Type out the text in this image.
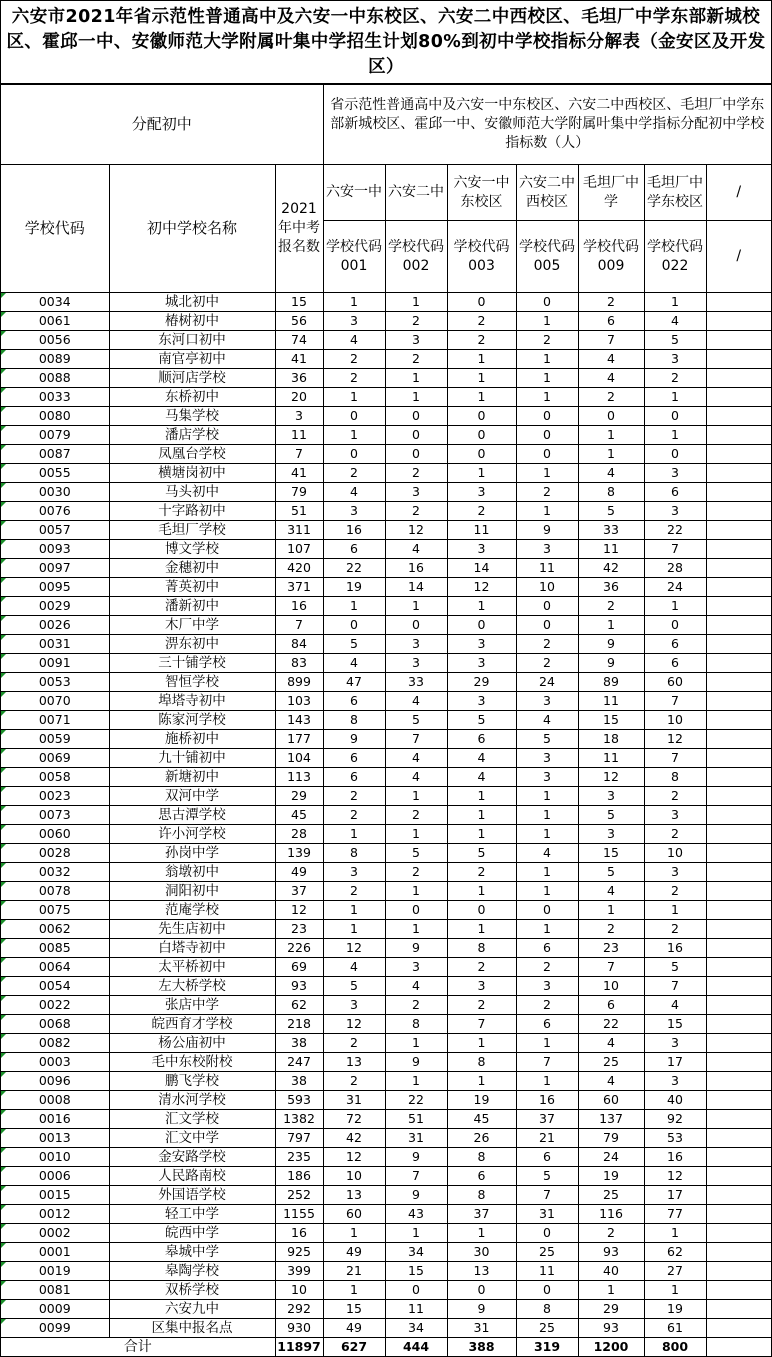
六安市2021年省示范性普通高中及六安一中东校区、六安二中西校区、毛坦厂中学东部新城校区、霍邱一中、安徽师范大学附属叶集中学招生计划80%到初中学校指标分解表（金安区及开发区）
分配初中			省示范性普通高中及六安一中东校区、六安二中西校区、毛坦厂中学东部新城校区、霍邱一中、安徽师范大学附属叶集中学指标分配初中学校指标数（人）						
学校代码	初中学校名称	2021年中考报名数	六安一中	六安二中	六安一中东校区	六安二中西校区	毛坦厂中学	毛坦厂中学东校区	/
			学校代码001	学校代码002	学校代码003	学校代码005	学校代码009	学校代码022	/

0034	城北初中	15	1	1	0	0	2	1	

0061	椿树初中	56	3	2	2	1	6	4	

0056	东河口初中	74	4	3	2	2	7	5	

0089	南官亭初中	41	2	2	1	1	4	3	

0088	顺河店学校	36	2	1	1	1	4	2	

0033	东桥初中	20	1	1	1	1	2	1	

0080	马集学校	3	0	0	0	0	0	0	

0079	潘店学校	11	1	0	0	0	1	1	

0087	凤凰台学校	7	0	0	0	0	1	0	

0055	横塘岗初中	41	2	2	1	1	4	3	

0030	马头初中	79	4	3	3	2	8	6	

0076	十字路初中	51	3	2	2	1	5	3	

0057	毛坦厂学校	311	16	12	11	9	33	22	

0093	博文学校	107	6	4	3	3	11	7	

0097	金穗初中	420	22	16	14	11	42	28	

0095	菁英初中	371	19	14	12	10	36	24	

0029	潘新初中	16	1	1	1	0	2	1	

0026	木厂中学	7	0	0	0	0	1	0	

0031	淠东初中	84	5	3	3	2	9	6	

0091	三十铺学校	83	4	3	3	2	9	6	

0053	智恒学校	899	47	33	29	24	89	60	

0070	埠塔寺初中	103	6	4	3	3	11	7	

0071	陈家河学校	143	8	5	5	4	15	10	

0059	施桥初中	177	9	7	6	5	18	12	

0069	九十铺初中	104	6	4	4	3	11	7	

0058	新塘初中	113	6	4	4	3	12	8	

0023	双河中学	29	2	1	1	1	3	2	

0073	思古潭学校	45	2	2	1	1	5	3	

0060	许小河学校	28	1	1	1	1	3	2	

0028	孙岗中学	139	8	5	5	4	15	10	

0032	翁墩初中	49	3	2	2	1	5	3	

0078	洞阳初中	37	2	1	1	1	4	2	

0075	范庵学校	12	1	0	0	0	1	1	

0062	先生店初中	23	1	1	1	1	2	2	

0085	白塔寺初中	226	12	9	8	6	23	16	

0064	太平桥初中	69	4	3	2	2	7	5	

0054	左大桥学校	93	5	4	3	3	10	7	

0022	张店中学	62	3	2	2	2	6	4	

0068	皖西育才学校	218	12	8	7	6	22	15	

0082	杨公庙初中	38	2	1	1	1	4	3	

0003	毛中东校附校	247	13	9	8	7	25	17	

0096	鹏飞学校	38	2	1	1	1	4	3	

0008	清水河学校	593	31	22	19	16	60	40	

0016	汇文学校	1382	72	51	45	37	137	92	

0013	汇文中学	797	42	31	26	21	79	53	

0010	金安路学校	235	12	9	8	6	24	16	

0006	人民路南校	186	10	7	6	5	19	12	

0015	外国语学校	252	13	9	8	7	25	17	

0012	轻工中学	1155	60	43	37	31	116	77	

0002	皖西中学	16	1	1	1	0	2	1	

0001	皋城中学	925	49	34	30	25	93	62	

0019	皋陶学校	399	21	15	13	11	40	27	

0081	双桥学校	10	1	0	0	0	1	1	

0009	六安九中	292	15	11	9	8	29	19	

0099	区集中报名点	930	49	34	31	25	93	61	
合计		11897	627	444	388	319	1200	800	
